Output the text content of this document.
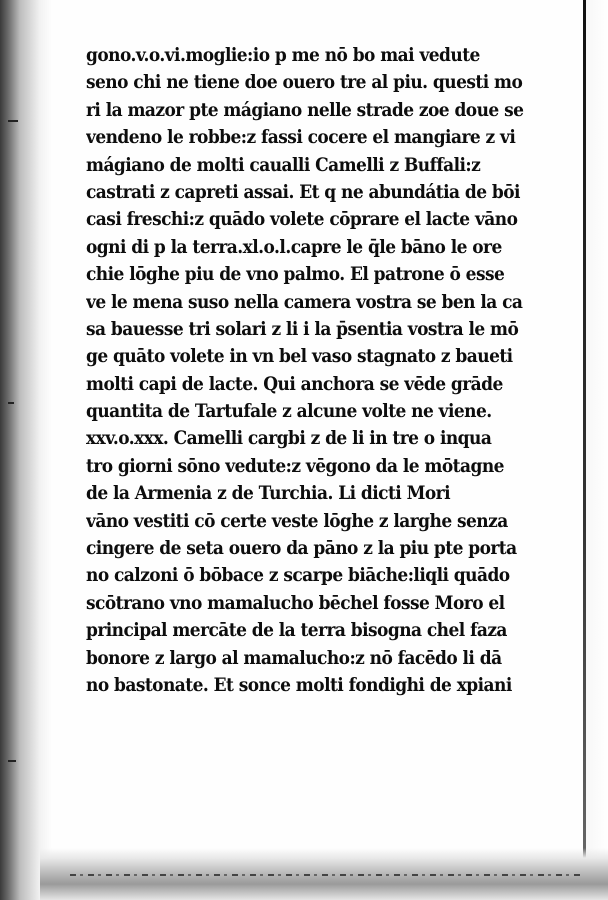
gono.v.o.vi.moglie:io p me nō bo mai vedute
seno chi ne tiene doe ouero tre al piu. questi mo
ri la mazor pte mágiano nelle strade zoe doue se
vendeno le robbe:z fassi cocere el mangiare z vi
mágiano de molti caualli Camelli z Buffali:z
castrati z capreti assai. Et q ne abundátia de bōi
casi freschi:z quādo volete cōprare el lacte vāno
ogni di p la terra.xl.o.l.capre le q̄le bāno le ore
chie lōghe piu de vno palmo. El patrone ō esse
ve le mena suso nella camera vostra se ben la ca
sa bauesse tri solari z li i la p̄sentia vostra le mō
ge quāto volete in vn bel vaso stagnato z baueti
molti capi de lacte. Qui anchora se vēde grāde
quantita de Tartufale z alcune volte ne viene.
xxv.o.xxx. Camelli cargbi z de li in tre o inqua
tro giorni sōno vedute:z vēgono da le mōtagne
de la Armenia z de Turchia. Li dicti Mori
vāno vestiti cō certe veste lōghe z larghe senza
cingere de seta ouero da pāno z la piu pte porta
no calzoni ō bōbace z scarpe biāche:liqli quādo
scōtrano vno mamalucho bēchel fosse Moro el
principal mercāte de la terra bisogna chel faza
bonore z largo al mamalucho:z nō facēdo li dā
no bastonate. Et sonce molti fondighi de xpiani
